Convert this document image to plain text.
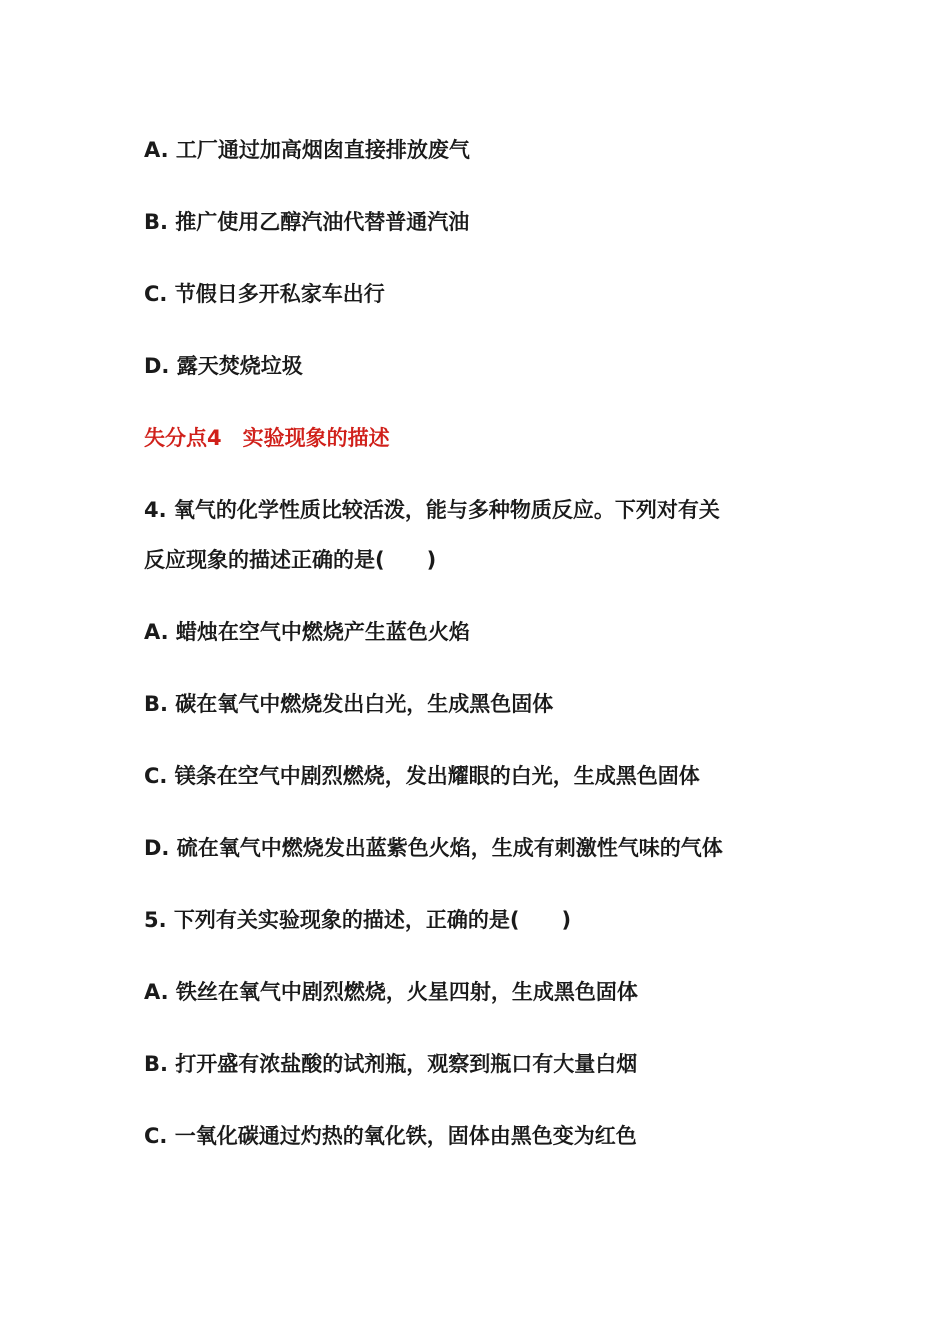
A. 工厂通过加高烟囱直接排放废气

B. 推广使用乙醇汽油代替普通汽油

C. 节假日多开私家车出行

D. 露天焚烧垃圾

失分点4　实验现象的描述

4. 氧气的化学性质比较活泼，能与多种物质反应。下列对有关

反应现象的描述正确的是(　　)

A. 蜡烛在空气中燃烧产生蓝色火焰

B. 碳在氧气中燃烧发出白光，生成黑色固体

C. 镁条在空气中剧烈燃烧，发出耀眼的白光，生成黑色固体

D. 硫在氧气中燃烧发出蓝紫色火焰，生成有刺激性气味的气体

5. 下列有关实验现象的描述，正确的是(　　)

A. 铁丝在氧气中剧烈燃烧，火星四射，生成黑色固体

B. 打开盛有浓盐酸的试剂瓶，观察到瓶口有大量白烟

C. 一氧化碳通过灼热的氧化铁，固体由黑色变为红色
